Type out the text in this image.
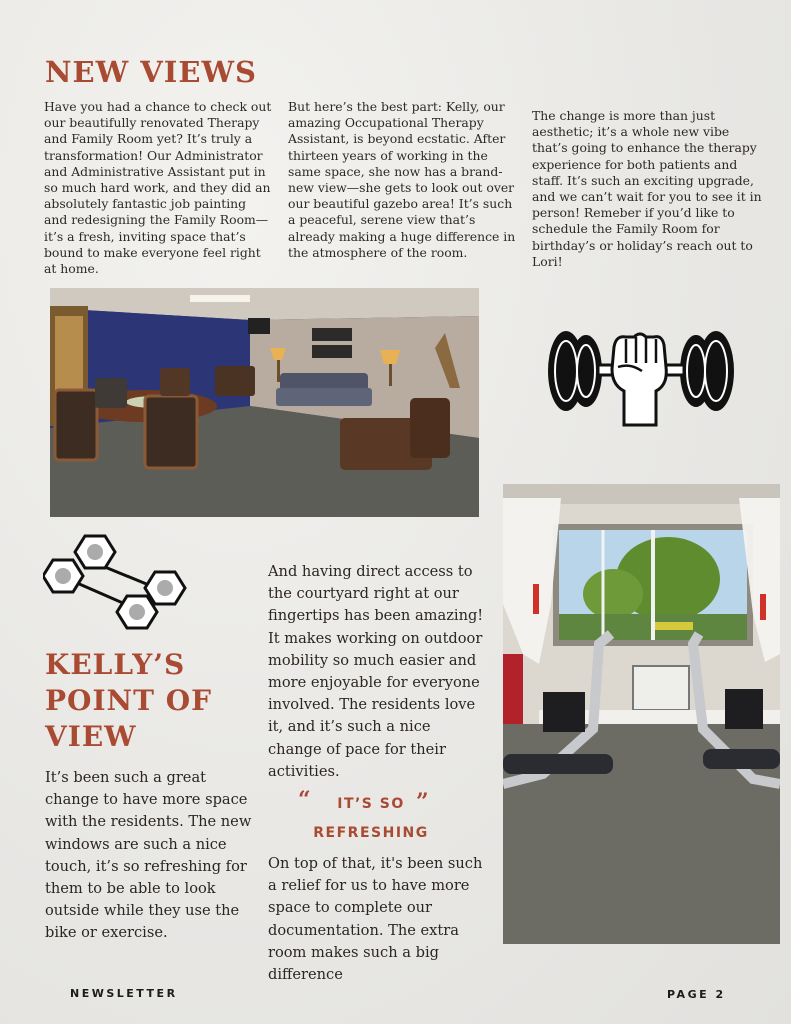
NEW VIEWS
Have you had a chance to check out our beautifully renovated Therapy and Family Room yet? It’s truly a transformation! Our Administrator and Administrative Assistant put in so much hard work, and they did an absolutely fantastic job painting and redesigning the Family Room—it’s a fresh, inviting space that’s bound to make everyone feel right at home.
But here’s the best part: Kelly, our amazing Occupational Therapy Assistant, is beyond ecstatic. After thirteen years of working in the same space, she now has a brand-new view—she gets to look out over our beautiful gazebo area! It’s such a peaceful, serene view that’s already making a huge difference in the atmosphere of the room.
The change is more than just aesthetic; it’s a whole new vibe that’s going to enhance the therapy experience for both patients and staff. It’s such an exciting upgrade, and we can’t wait for you to see it in person! Remeber if you’d like to schedule the Family Room for birthday’s or holiday’s reach out to Lori!
KELLY’S
POINT OF
VIEW
It’s been such a great change to have more space with the residents. The new windows are such a nice touch, it’s so refreshing for them to be able to look outside while they use the bike or exercise.
And having direct access to the courtyard right at our fingertips has been amazing! It makes working on outdoor mobility so much easier and more enjoyable for everyone involved. The residents love it, and it’s such a nice change of pace for their activities.
“	IT’S SO
REFRESHING
”
On top of that, it's been such a relief for us to have more space to complete our documentation. The extra room makes such a big difference
NEWSLETTER	PAGE 2
